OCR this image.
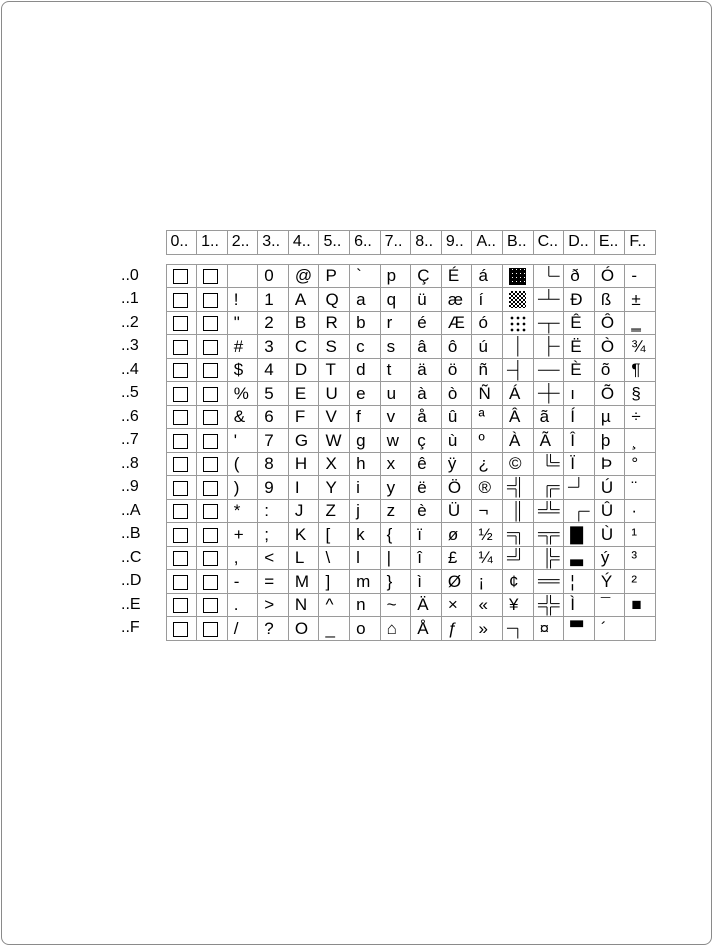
	0..	1..	2..	3..	4..	5..	6..	7..	8..	9..	A..	B..	C..	D..	E..	F..

..0				0	@	P	`	p	Ç	É	á			ð	Ó	-
..1			!	1	A	Q	a	q	ü	æ	í			Ð	ß	±
..2			"	2	B	R	b	r	é	Æ	ó			Ê	Ô	‗
..3			#	3	C	S	c	s	â	ô	ú			Ë	Ò	¾
..4			$	4	D	T	d	t	ä	ö	ñ			È	õ	¶
..5			%	5	E	U	e	u	à	ò	Ñ	Á		ı	Õ	§
..6			&	6	F	V	f	v	å	û	ª	Â	ã	Í	µ	÷
..7			'	7	G	W	g	w	ç	ù	º	À	Ã	Î	þ	¸
..8			(	8	H	X	h	x	ê	ÿ	¿	©		Ï	Þ	°
..9			)	9	I	Y	i	y	ë	Ö	®				Ú	¨
..A			*	:	J	Z	j	z	è	Ü	¬				Û	·
..B			+	;	K	[	k	{	ï	ø	½				Ù	¹
..C			,	<	L	\	l	|	î	£	¼				ý	³
..D			-	=	M	]	m	}	ì	Ø	¡	¢		¦	Ý	²
..E			.	>	N	^	n	~	Ä	×	«	¥		Ì	¯	■
..F			/	?	O	_	o	⌂	Å	ƒ	»		¤		´	
